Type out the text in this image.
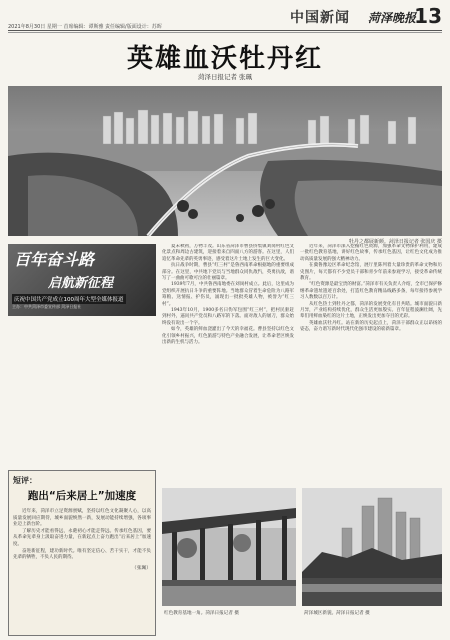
2021年8月30日 星期一 首席编辑：谭斯雅 责任编辑/版面设计：苏晖
中国新闻 菏泽晚报
13
英雄血沃牡丹红
菏泽日报记者 张珮
牡丹之都展新颜。菏泽日报记者 张国庆 摄
百年奋斗路
启航新征程
庆祝中国共产党成立100周年大型全媒体报道
主办：中共菏泽市委宣传部 菏泽日报社

夏末秋初，万物丰茂。山东省菏泽市曹县侨集镇刘岗村红色文化景点和周边古建筑，迎接着来自四面八方的游客。在这里，人们追忆革命先辈的英勇事迹，感受着这片土地上发生的巨大变化。

抗日战争时期，曹县“红三村”是鲁西南革命根据地的重要组成部分。在这里，中共地下党员与当地群众同仇敌忾，英勇抗敌，谱写了一曲曲可歌可泣的壮丽篇章。

1939年7月，中共鲁西南地委在刘岗村成立。此后，这里成为党组织开展抗日斗争的重要阵地。当地群众冒着生命危险为八路军筹粮、送情报、护伤员，涌现出一批批英雄人物，被誉为“红三村”。

1943年10月，1900多名日伪军包围“红三村”，把村民驱赶到村外，逼问共产党员和八路军的下落。面对敌人的屠刀，群众始终没有说出一个字。

如今，英雄的鲜血浇灌出了今天的幸福花。曹县坚持以红色文化引领乡村振兴，红色旅游与特色产业融合发展，让革命老区焕发出新的生机与活力。

近年来，菏泽市深入挖掘红色资源，加强革命文物保护利用，建成一批红色教育基地，讲好红色故事，传承红色基因，让红色文化成为推动高质量发展的强大精神动力。

在冀鲁豫边区革命纪念馆，展厅里陈列着大量珍贵的革命文物和历史图片，每天都有不少党员干部和青少年前来参观学习，接受革命传统教育。

“红色资源是最宝贵的财富。”菏泽市有关负责人介绍，全市已保护修缮革命遗址遗迹百余处，打造红色教育精品线路多条，每年接待参观学习人数数以百万计。

从红色热土到牡丹之都，菏泽的发展变化有目共睹。城市面貌日新月异，产业结构持续优化，群众生活更加殷实。百年征程波澜壮阔，先辈们用鲜血染红的这片土地，正焕发出更加夺目的光彩。

英雄血沃牡丹红。站在新的历史起点上，菏泽干部群众正以昂扬的姿态，奋力谱写新时代现代化强市建设的崭新篇章。

短评：
跑出“后来居上”加速度

近年来，菏泽市立足资源禀赋，坚持以红色文化凝聚人心，以高质量发展回应期待，城乡面貌焕然一新，发展动能持续增强，各项事业迈上新台阶。

了解历史才能看得远，永葩初心才能走得远。传承红色基因，要从革命先辈身上汲取奋进力量，在新起点上奋力跑出“后来居上”加速度。

奋进新征程，建功新时代。唯有坚定信心、苦干实干，才能不负先辈的牺牲，不负人民的期待。

（张珮）
红色教育基地一角。菏泽日报记者 摄	菏泽城区新貌。菏泽日报记者 摄
